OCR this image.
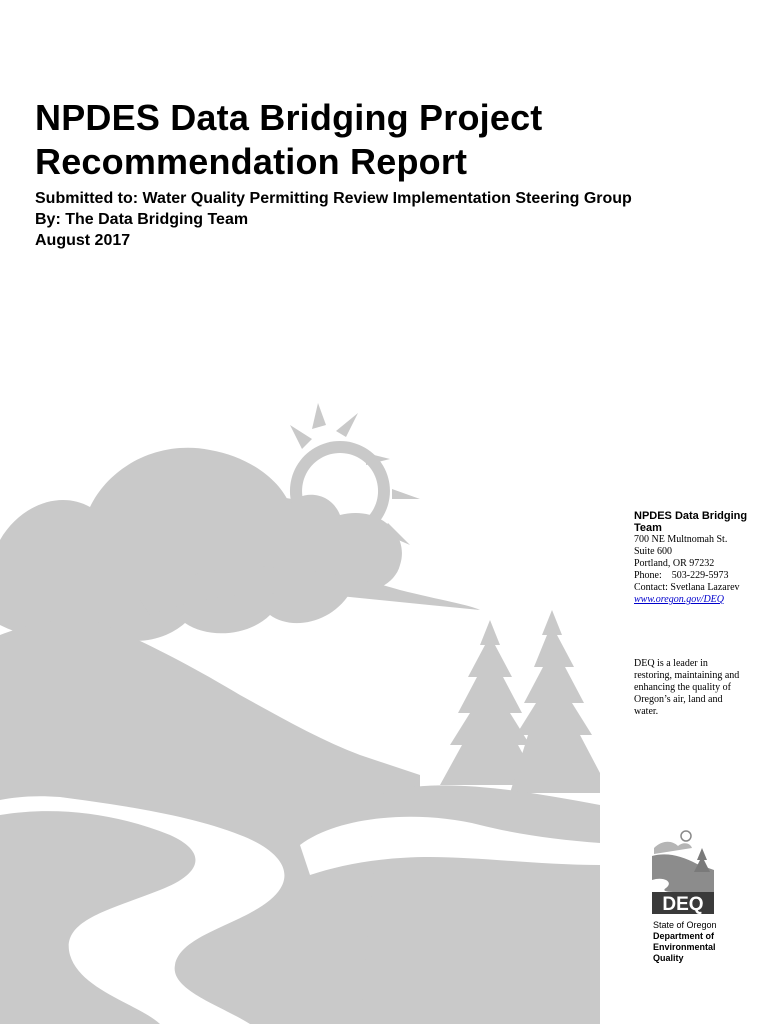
NPDES Data Bridging Project
Recommendation Report

Submitted to: Water Quality Permitting Review Implementation Steering Group

By: The Data Bridging Team

August 2017

NPDES Data Bridging

Team

700 NE Multnomah St.

Suite 600

Portland, OR 97232

Phone:    503-229-5973

Contact: Svetlana Lazarev

www.oregon.gov/DEQ

DEQ is a leader in
restoring, maintaining and
enhancing the quality of
Oregon’s air, land and
water.
DEQ

State of Oregon

Department of

Environmental

Quality
